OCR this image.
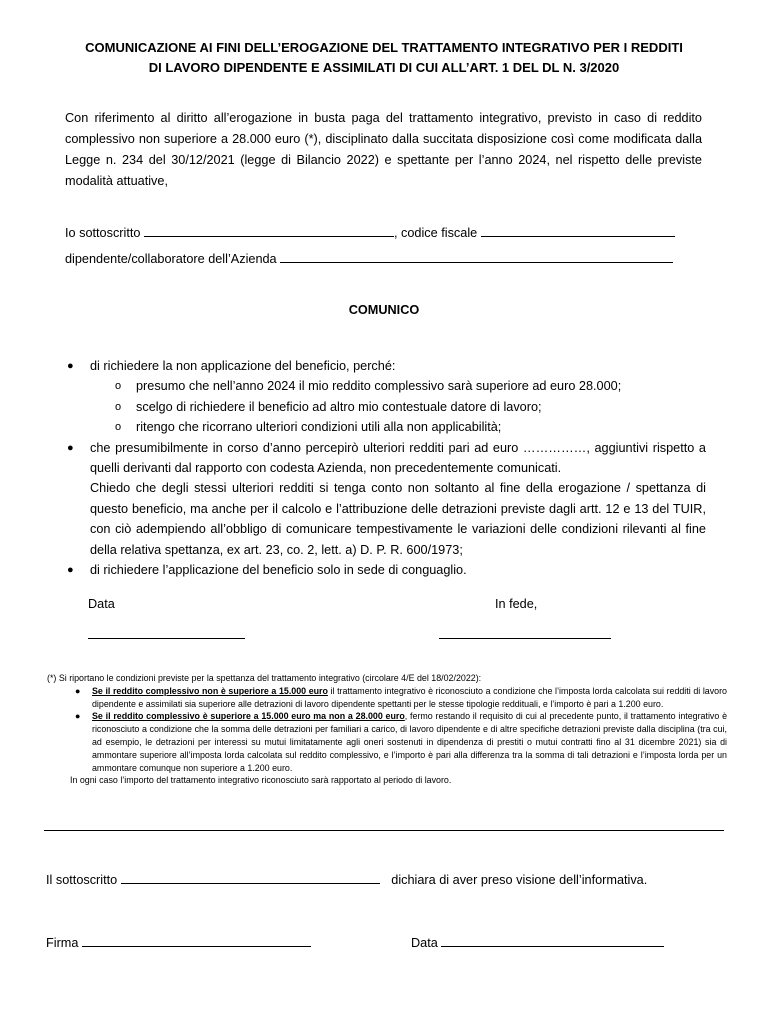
COMUNICAZIONE AI FINI DELL’EROGAZIONE DEL TRATTAMENTO INTEGRATIVO PER I REDDITI
DI LAVORO DIPENDENTE E ASSIMILATI DI CUI ALL’ART. 1 DEL DL N. 3/2020
Con riferimento al diritto all’erogazione in busta paga del trattamento integrativo, previsto in caso di reddito complessivo non superiore a 28.000 euro (*), disciplinato dalla succitata disposizione così come modificata dalla Legge n. 234 del 30/12/2021 (legge di Bilancio 2022) e spettante per l’anno 2024, nel rispetto delle previste modalità attuative,
Io sottoscritto	, codice fiscale
dipendente/collaboratore dell’Azienda
COMUNICO
● di richiedere la non applicazione del beneficio, perché:
o	presumo che nell’anno 2024 il mio reddito complessivo sarà superiore ad euro 28.000;
o	scelgo di richiedere il beneficio ad altro mio contestuale datore di lavoro;
o	ritengo che ricorrano ulteriori condizioni utili alla non applicabilità;
● che presumibilmente in corso d’anno percepirò ulteriori redditi pari ad euro ……………, aggiuntivi rispetto a quelli derivanti dal rapporto con codesta Azienda, non precedentemente comunicati.
Chiedo che degli stessi ulteriori redditi si tenga conto non soltanto al fine della erogazione / spettanza di questo beneficio, ma anche per il calcolo e l’attribuzione delle detrazioni previste dagli artt. 12 e 13 del TUIR, con ciò adempiendo all’obbligo di comunicare tempestivamente le variazioni delle condizioni rilevanti al fine della relativa spettanza, ex art. 23, co. 2, lett. a) D. P. R. 600/1973;
● di richiedere l’applicazione del beneficio solo in sede di conguaglio.
Data	In fede,
(*) Si riportano le condizioni previste per la spettanza del trattamento integrativo (circolare 4/E del 18/02/2022):
● Se il reddito complessivo non è superiore a 15.000 euro il trattamento integrativo è riconosciuto a condizione che l’imposta lorda calcolata sui redditi di lavoro dipendente e assimilati sia superiore alle detrazioni di lavoro dipendente spettanti per le stesse tipologie reddituali, e l’importo è pari a 1.200 euro.
● Se il reddito complessivo è superiore a 15.000 euro ma non a 28.000 euro, fermo restando il requisito di cui al precedente punto, il trattamento integrativo è riconosciuto a condizione che la somma delle detrazioni per familiari a carico, di lavoro dipendente e di altre specifiche detrazioni previste dalla disciplina (tra cui, ad esempio, le detrazioni per interessi su mutui limitatamente agli oneri sostenuti in dipendenza di prestiti o mutui contratti fino al 31 dicembre 2021) sia di ammontare superiore all’imposta lorda calcolata sul reddito complessivo, e l’importo è pari alla differenza tra la somma di tali detrazioni e l’imposta lorda per un ammontare comunque non superiore a 1.200 euro.
In ogni caso l’importo del trattamento integrativo riconosciuto sarà rapportato al periodo di lavoro.
Il sottoscritto	dichiara di aver preso visione dell’informativa.
Firma	Data
